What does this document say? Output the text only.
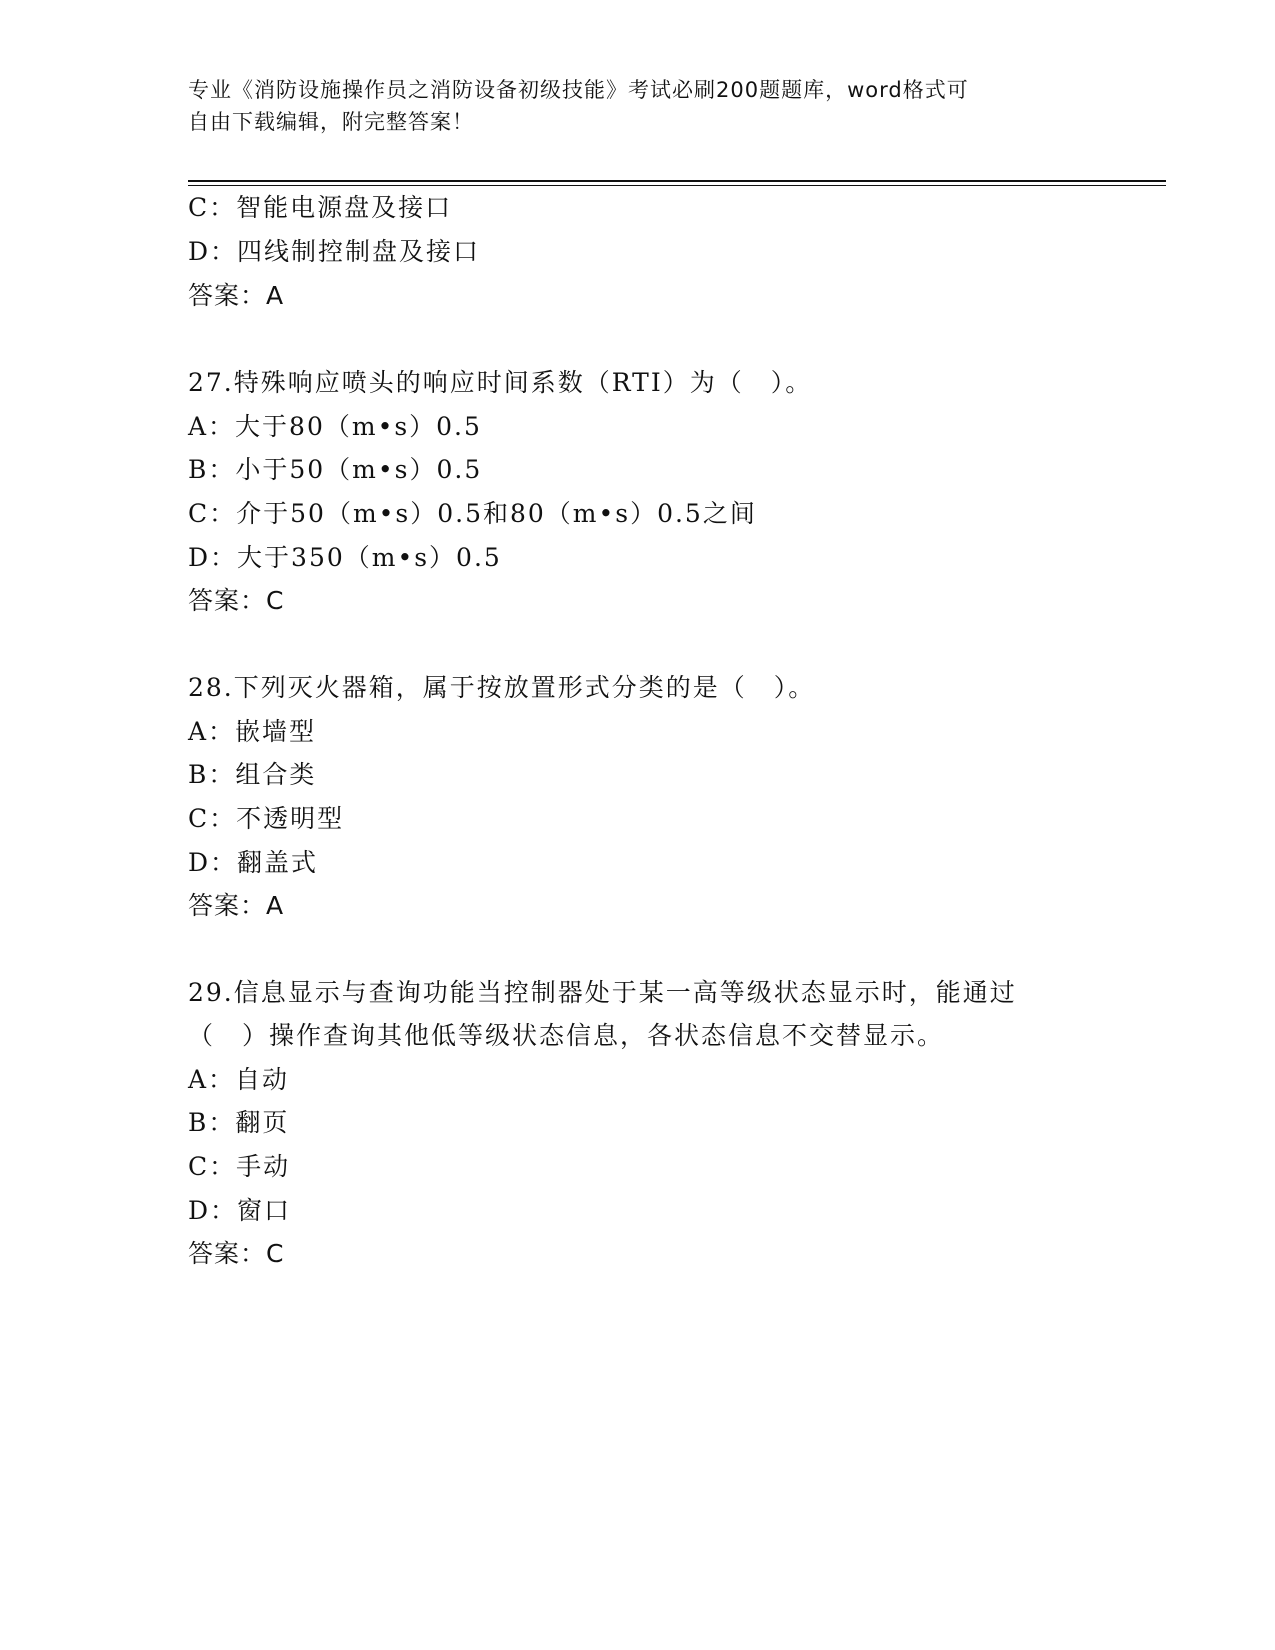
专业《消防设施操作员之消防设备初级技能》考试必刷200题题库，word格式可
自由下载编辑，附完整答案！
C：智能电源盘及接口
D：四线制控制盘及接口
答案：A
27.特殊响应喷头的响应时间系数（RTI）为（　）。
A：大于80（m•s）0.5
B：小于50（m•s）0.5
C：介于50（m•s）0.5和80（m•s）0.5之间
D：大于350（m•s）0.5
答案：C
28.下列灭火器箱，属于按放置形式分类的是（　）。
A：嵌墙型
B：组合类
C：不透明型
D：翻盖式
答案：A
29.信息显示与查询功能当控制器处于某一高等级状态显示时，能通过
（　）操作查询其他低等级状态信息，各状态信息不交替显示。
A：自动
B：翻页
C：手动
D：窗口
答案：C
